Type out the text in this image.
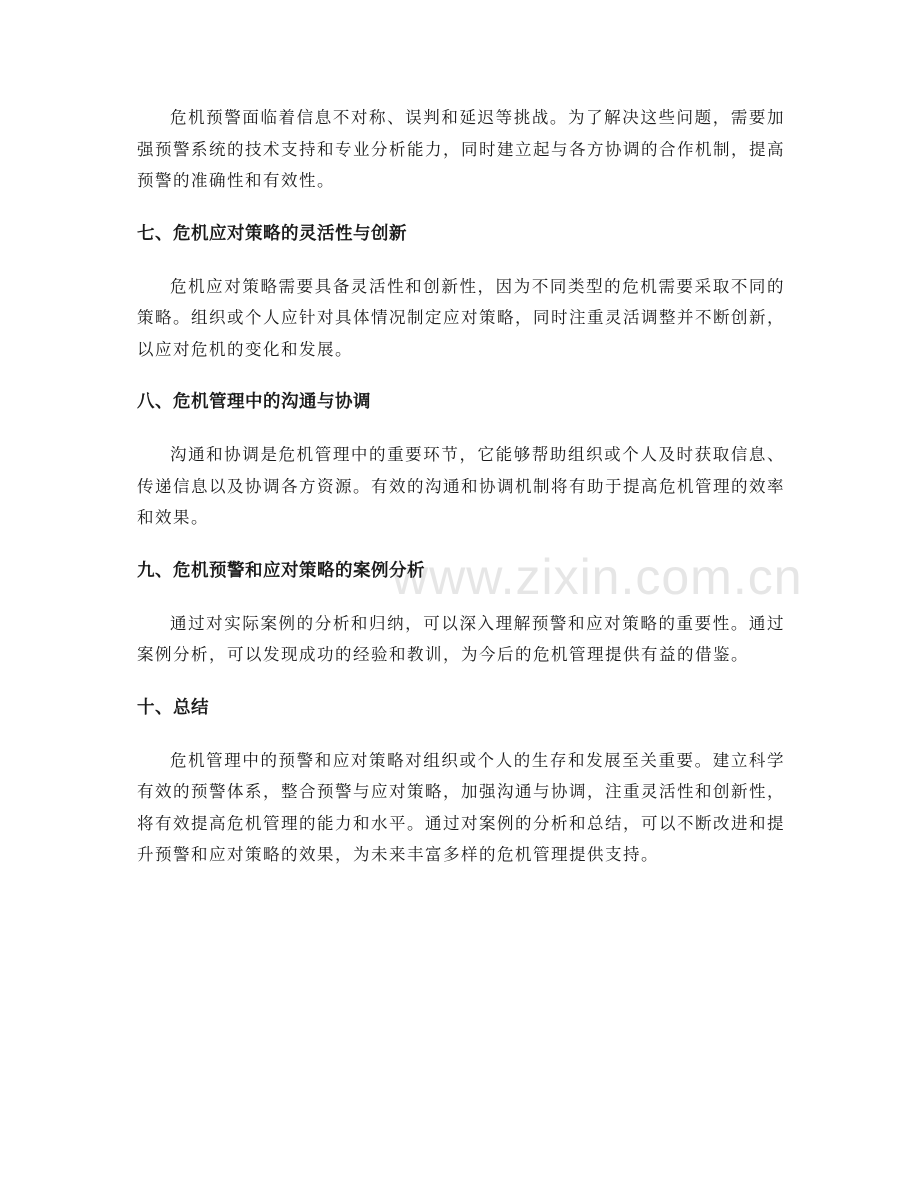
www.zixin.com.cn

危机预警面临着信息不对称、误判和延迟等挑战。为了解决这些问题，需要加强预警系统的技术支持和专业分析能力，同时建立起与各方协调的合作机制，提高预警的准确性和有效性。

七、危机应对策略的灵活性与创新

危机应对策略需要具备灵活性和创新性，因为不同类型的危机需要采取不同的策略。组织或个人应针对具体情况制定应对策略，同时注重灵活调整并不断创新，以应对危机的变化和发展。

八、危机管理中的沟通与协调

沟通和协调是危机管理中的重要环节，它能够帮助组织或个人及时获取信息、传递信息以及协调各方资源。有效的沟通和协调机制将有助于提高危机管理的效率和效果。

九、危机预警和应对策略的案例分析

通过对实际案例的分析和归纳，可以深入理解预警和应对策略的重要性。通过案例分析，可以发现成功的经验和教训，为今后的危机管理提供有益的借鉴。

十、总结

危机管理中的预警和应对策略对组织或个人的生存和发展至关重要。建立科学有效的预警体系，整合预警与应对策略，加强沟通与协调，注重灵活性和创新性，将有效提高危机管理的能力和水平。通过对案例的分析和总结，可以不断改进和提升预警和应对策略的效果，为未来丰富多样的危机管理提供支持。
